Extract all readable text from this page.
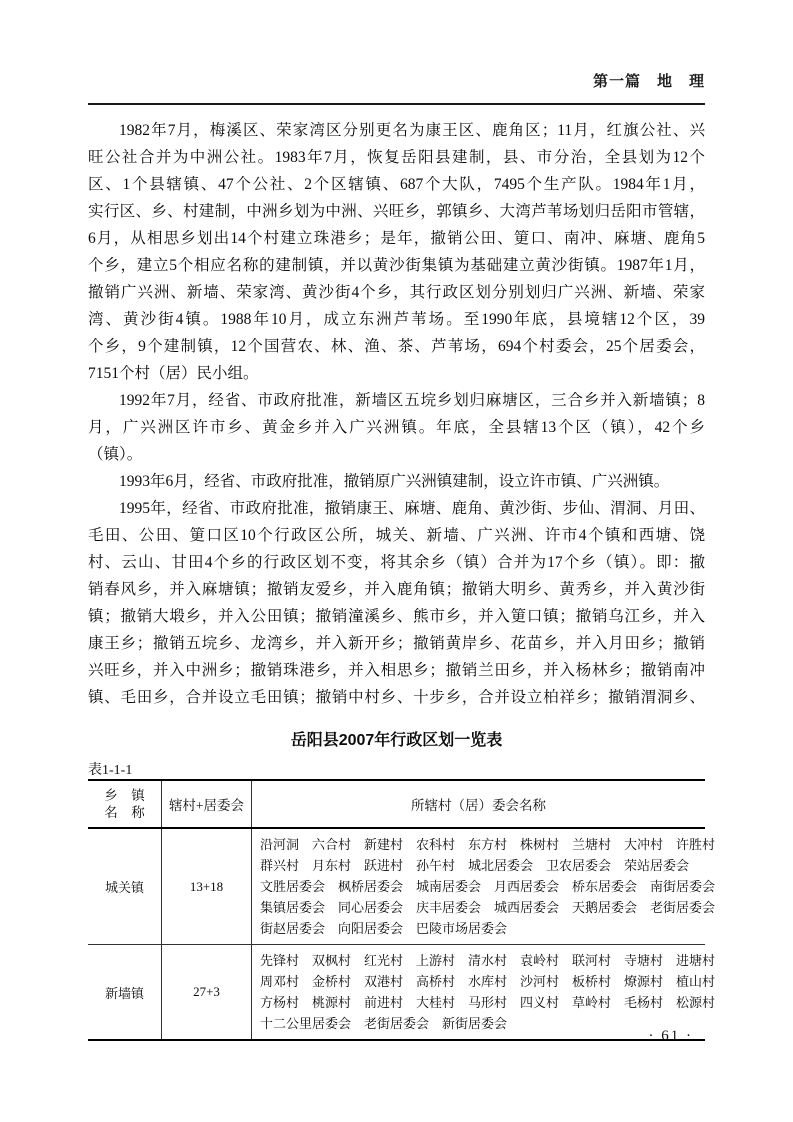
第一篇　地　理
1982年7月，梅溪区、荣家湾区分别更名为康王区、鹿角区；11月，红旗公社、兴
旺公社合并为中洲公社。1983年7月，恢复岳阳县建制，县、市分治，全县划为12个
区、1个县辖镇、47个公社、2个区辖镇、687个大队，7495个生产队。1984年1月，
实行区、乡、村建制，中洲乡划为中洲、兴旺乡，郭镇乡、大湾芦苇场划归岳阳市管辖，
6月，从相思乡划出14个村建立珠港乡；是年，撤销公田、筻口、南冲、麻塘、鹿角5
个乡，建立5个相应名称的建制镇，并以黄沙街集镇为基础建立黄沙街镇。1987年1月，
撤销广兴洲、新墙、荣家湾、黄沙街4个乡，其行政区划分别划归广兴洲、新墙、荣家
湾、黄沙街4镇。1988年10月，成立东洲芦苇场。至1990年底，县境辖12个区，39
个乡，9个建制镇，12个国营农、林、渔、茶、芦苇场，694个村委会，25个居委会，
7151个村（居）民小组。
1992年7月，经省、市政府批准，新墙区五垸乡划归麻塘区，三合乡并入新墙镇；8
月，广兴洲区许市乡、黄金乡并入广兴洲镇。年底，全县辖13个区（镇），42个乡
（镇）。
1993年6月，经省、市政府批准，撤销原广兴洲镇建制，设立许市镇、广兴洲镇。
1995年，经省、市政府批准，撤销康王、麻塘、鹿角、黄沙街、步仙、渭洞、月田、
毛田、公田、筻口区10个行政区公所，城关、新墙、广兴洲、许市4个镇和西塘、饶
村、云山、甘田4个乡的行政区划不变，将其余乡（镇）合并为17个乡（镇）。即：撤
销春风乡，并入麻塘镇；撤销友爱乡，并入鹿角镇；撤销大明乡、黄秀乡，并入黄沙街
镇；撤销大塅乡，并入公田镇；撤销潼溪乡、熊市乡，并入筻口镇；撤销乌江乡，并入
康王乡；撤销五垸乡、龙湾乡，并入新开乡；撤销黄岸乡、花苗乡，并入月田乡；撤销
兴旺乡，并入中洲乡；撤销珠港乡，并入相思乡；撤销兰田乡，并入杨林乡；撤销南冲
镇、毛田乡，合并设立毛田镇；撤销中村乡、十步乡，合并设立柏祥乡；撤销渭洞乡、
岳阳县2007年行政区划一览表
表1-1-1
乡　镇
名　称	辖村+居委会	所辖村（居）委会名称
城关镇	13+18
沿河洞　六合村　新建村　农科村　东方村　株树村　兰塘村　大冲村　许胜村
群兴村　月东村　跃进村　孙午村　城北居委会　卫农居委会　荣站居委会
文胜居委会　枫桥居委会　城南居委会　月西居委会　桥东居委会　南街居委会
集镇居委会　同心居委会　庆丰居委会　城西居委会　天鹅居委会　老街居委会
街赵居委会　向阳居委会　巴陵市场居委会
新墙镇	27+3
先锋村　双枫村　红光村　上游村　清水村　袁岭村　联河村　寺塘村　进塘村
周邓村　金桥村　双港村　高桥村　水库村　沙河村　板桥村　燎源村　植山村
方杨村　桃源村　前进村　大桂村　马形村　四义村　草岭村　毛杨村　松源村
十二公里居委会　老街居委会　新街居委会
· 61 ·
